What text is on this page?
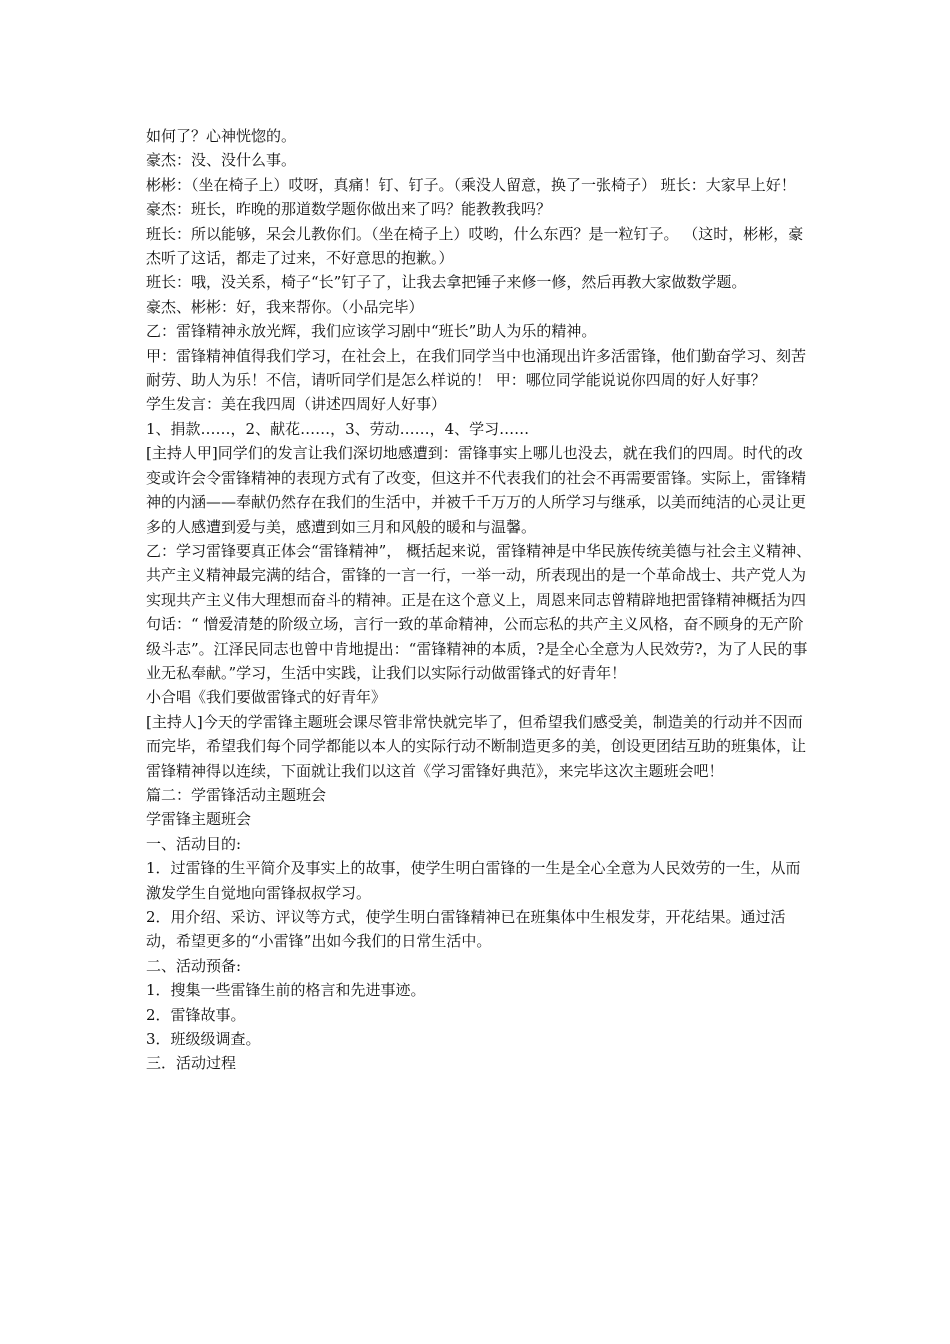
如何了？心神恍惚的。

豪杰：没、没什么事。

彬彬：（坐在椅子上）哎呀，真痛！钉、钉子。（乘没人留意，换了一张椅子） 班长：大家早上好！

豪杰：班长，昨晚的那道数学题你做出来了吗？能教教我吗？

班长：所以能够，呆会儿教你们。（坐在椅子上）哎哟，什么东西？是一粒钉子。 （这时，彬彬，豪杰听了这话，都走了过来，不好意思的抱歉。）

班长：哦，没关系，椅子“长”钉子了，让我去拿把锤子来修一修，然后再教大家做数学题。

豪杰、彬彬：好，我来帮你。（小品完毕）

乙：雷锋精神永放光辉，我们应该学习剧中“班长”助人为乐的精神。

甲：雷锋精神值得我们学习，在社会上，在我们同学当中也涌现出许多活雷锋，他们勤奋学习、刻苦耐劳、助人为乐！不信，请听同学们是怎么样说的！ 甲：哪位同学能说说你四周的好人好事？

学生发言：美在我四周（讲述四周好人好事）

1、捐款……，2、献花……，3、劳动……，4、学习……

[主持人甲]同学们的发言让我们深切地感遭到：雷锋事实上哪儿也没去，就在我们的四周。时代的改变或许会令雷锋精神的表现方式有了改变，但这并不代表我们的社会不再需要雷锋。实际上，雷锋精神的内涵——奉献仍然存在我们的生活中，并被千千万万的人所学习与继承，以美而纯洁的心灵让更多的人感遭到爱与美，感遭到如三月和风般的暖和与温馨。

乙：学习雷锋要真正体会“雷锋精神”， 概括起来说，雷锋精神是中华民族传统美德与社会主义精神、共产主义精神最完满的结合，雷锋的一言一行，一举一动，所表现出的是一个革命战士、共产党人为实现共产主义伟大理想而奋斗的精神。正是在这个意义上，周恩来同志曾精辟地把雷锋精神概括为四句话：“ 憎爱清楚的阶级立场，言行一致的革命精神，公而忘私的共产主义风格，奋不顾身的无产阶级斗志”。江泽民同志也曾中肯地提出：“雷锋精神的本质，?是全心全意为人民效劳?，为了人民的事业无私奉献。”学习，生活中实践，让我们以实际行动做雷锋式的好青年！

小合唱《我们要做雷锋式的好青年》

[主持人]今天的学雷锋主题班会课尽管非常快就完毕了，但希望我们感受美，制造美的行动并不因而而完毕，希望我们每个同学都能以本人的实际行动不断制造更多的美，创设更团结互助的班集体，让雷锋精神得以连续，下面就让我们以这首《学习雷锋好典范》，来完毕这次主题班会吧！

篇二：学雷锋活动主题班会

学雷锋主题班会

一、活动目的:

1．过雷锋的生平简介及事实上的故事，使学生明白雷锋的一生是全心全意为人民效劳的一生，从而激发学生自觉地向雷锋叔叔学习。

2．用介绍、采访、评议等方式，使学生明白雷锋精神已在班集体中生根发芽，开花结果。通过活动，希望更多的“小雷锋”出如今我们的日常生活中。

二、活动预备:

1．搜集一些雷锋生前的格言和先进事迹。

2．雷锋故事。

3．班级级调查。

三．活动过程
